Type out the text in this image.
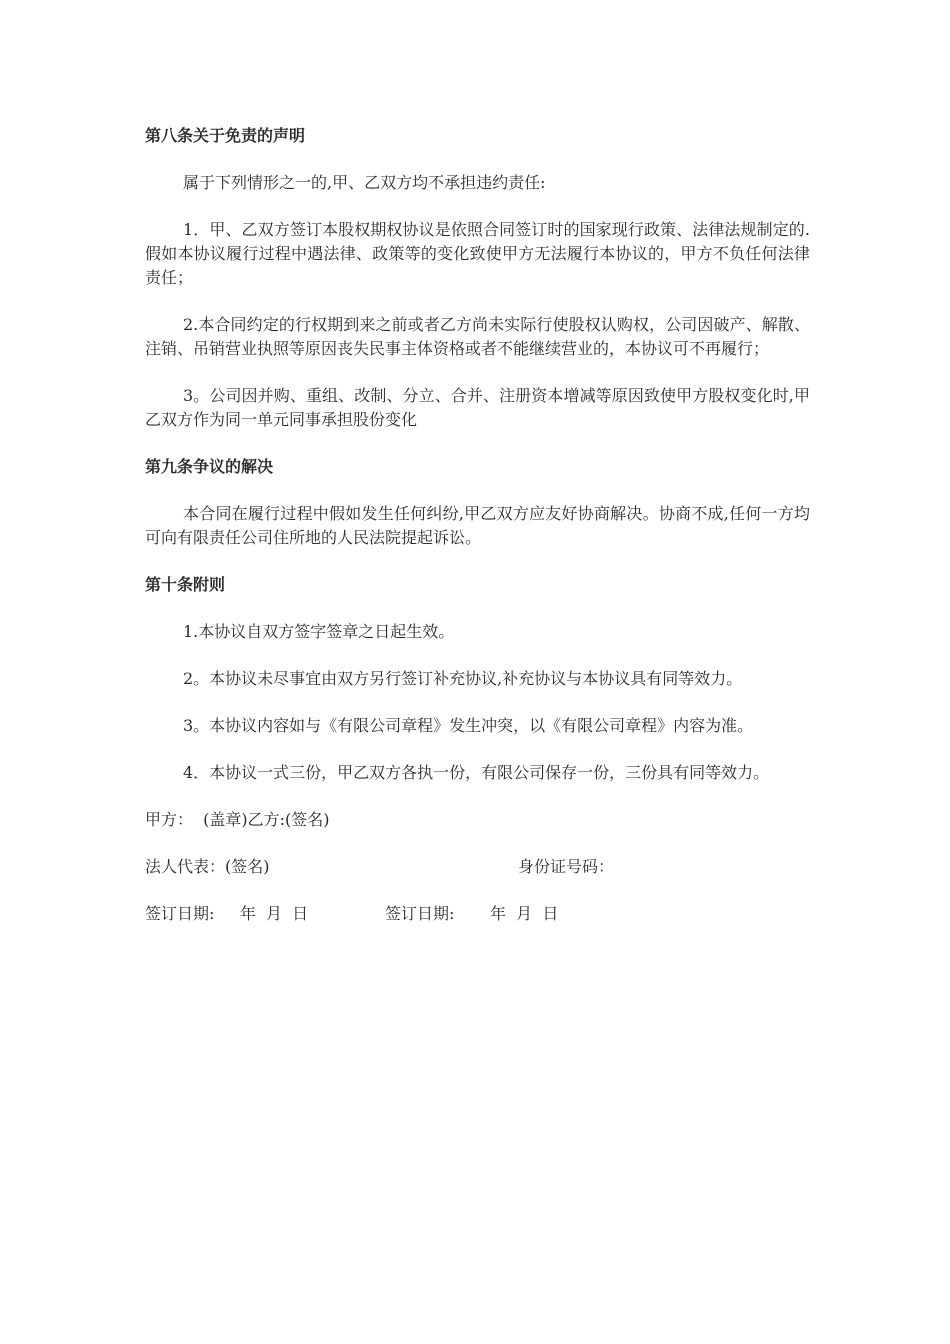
第八条关于免责的声明

属于下列情形之一的,甲、乙双方均不承担违约责任:

1．甲、乙双方签订本股权期权协议是依照合同签订时的国家现行政策、法律法规制定的.假如本协议履行过程中遇法律、政策等的变化致使甲方无法履行本协议的，甲方不负任何法律责任；

2.本合同约定的行权期到来之前或者乙方尚未实际行使股权认购权，公司因破产、解散、注销、吊销营业执照等原因丧失民事主体资格或者不能继续营业的，本协议可不再履行；

3。公司因并购、重组、改制、分立、合并、注册资本增减等原因致使甲方股权变化时,甲乙双方作为同一单元同事承担股份变化

第九条争议的解决

本合同在履行过程中假如发生任何纠纷,甲乙双方应友好协商解决。协商不成,任何一方均可向有限责任公司住所地的人民法院提起诉讼。

第十条附则

1.本协议自双方签字签章之日起生效。

2。本协议未尽事宜由双方另行签订补充协议,补充协议与本协议具有同等效力。

3。本协议内容如与《有限公司章程》发生冲突，以《有限公司章程》内容为准。

4．本协议一式三份，甲乙双方各执一份，有限公司保存一份，三份具有同等效力。

甲方：  (盖章)乙方:(签名)

法人代表：(签名)

	身份证号码：

签订日期:     年  月  日

	签订日期:       年  月  日
